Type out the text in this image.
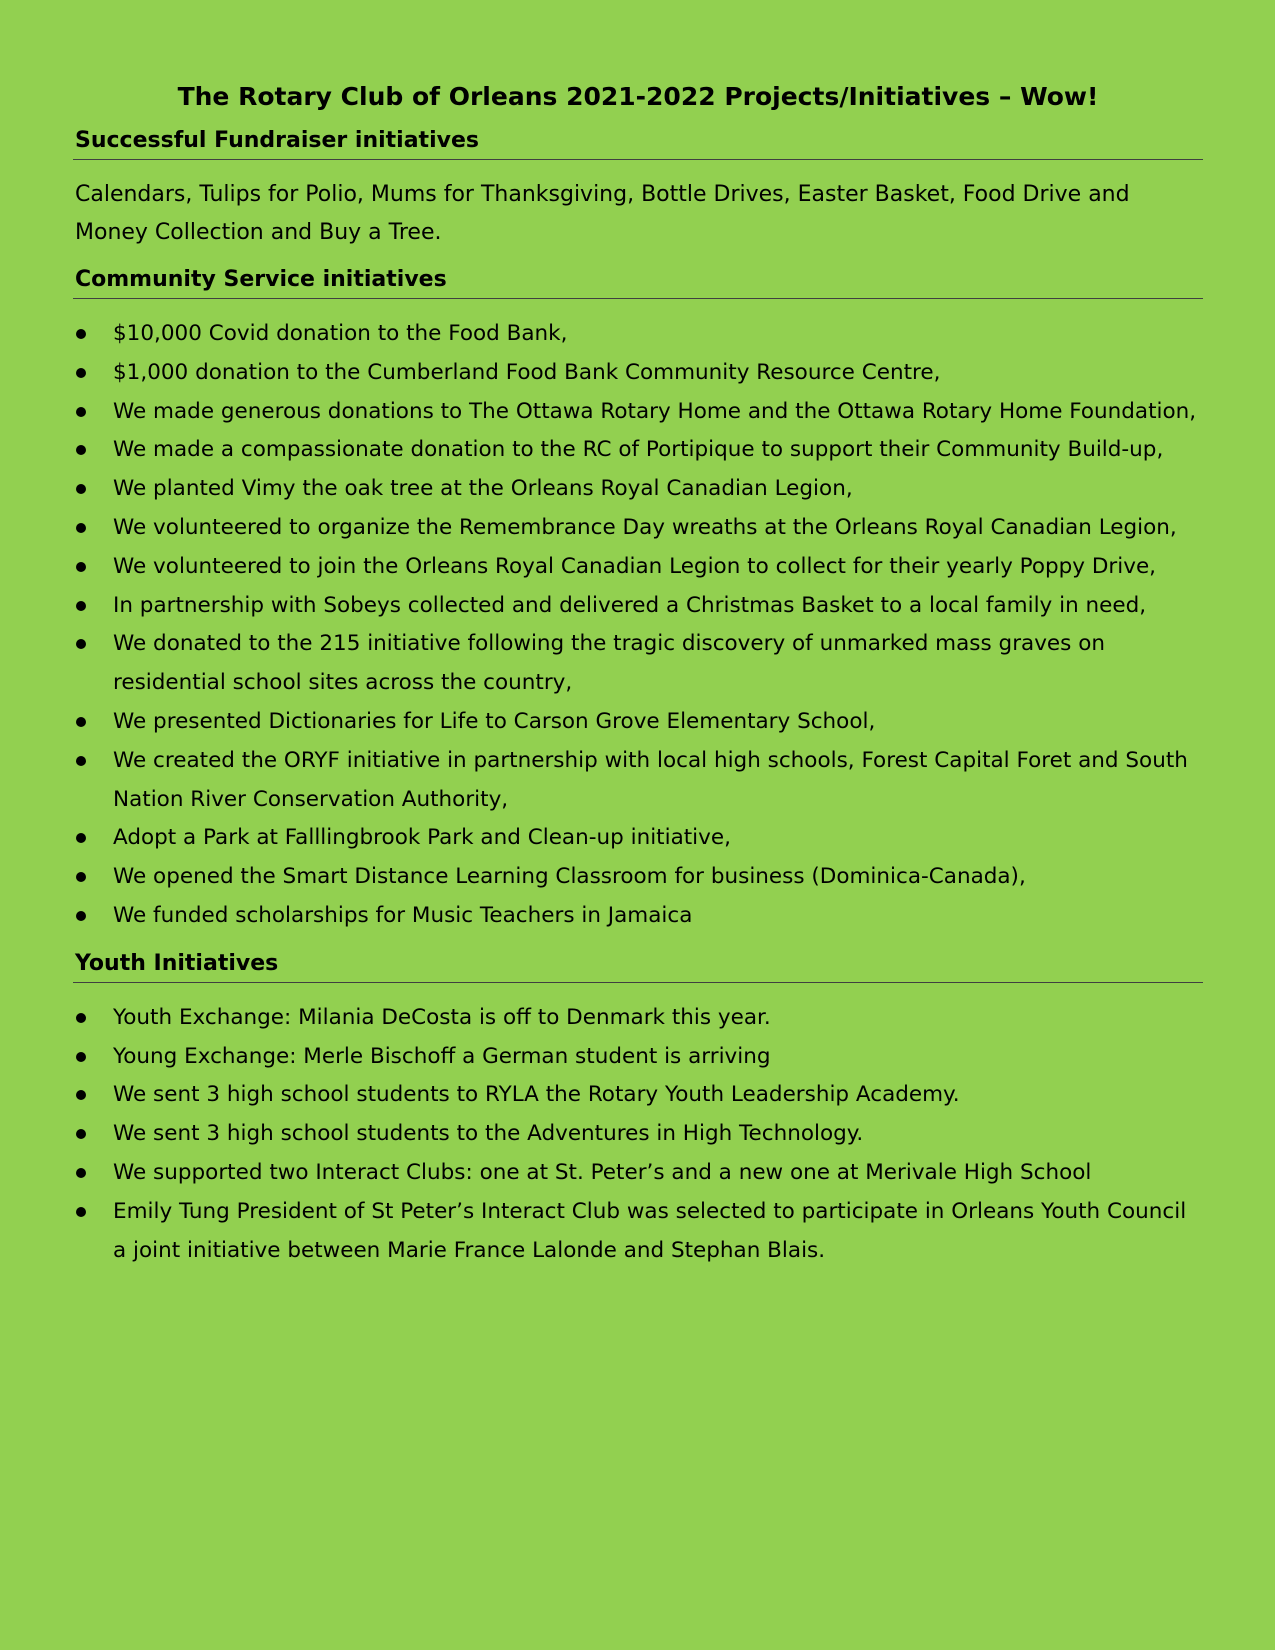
The Rotary Club of Orleans 2021-2022 Projects/Initiatives – Wow!
Successful Fundraiser initiatives

Calendars, Tulips for Polio, Mums for Thanksgiving, Bottle Drives, Easter Basket, Food Drive and Money Collection and Buy a Tree.

Community Service initiatives
$10,000 Covid donation to the Food Bank,
$1,000 donation to the Cumberland Food Bank Community Resource Centre,
We made generous donations to The Ottawa Rotary Home and the Ottawa Rotary Home Foundation,
We made a compassionate donation to the RC of Portipique to support their Community Build-up,
We planted Vimy the oak tree at the Orleans Royal Canadian Legion,
We volunteered to organize the Remembrance Day wreaths at the Orleans Royal Canadian Legion,
We volunteered to join the Orleans Royal Canadian Legion to collect for their yearly Poppy Drive,
In partnership with Sobeys collected and delivered a Christmas Basket to a local family in need,
We donated to the 215 initiative following the tragic discovery of unmarked mass graves on residential school sites across the country,
We presented Dictionaries for Life to Carson Grove Elementary School,
We created the ORYF initiative in partnership with local high schools, Forest Capital Foret and South Nation River Conservation Authority,
Adopt a Park at Falllingbrook Park and Clean-up initiative,
We opened the Smart Distance Learning Classroom for business (Dominica-Canada),
We funded scholarships for Music Teachers in Jamaica
Youth Initiatives
Youth Exchange: Milania DeCosta is off to Denmark this year.
Young Exchange: Merle Bischoff a German student is arriving
We sent 3 high school students to RYLA the Rotary Youth Leadership Academy.
We sent 3 high school students to the Adventures in High Technology.
We supported two Interact Clubs: one at St. Peter’s and a new one at Merivale High School
Emily Tung President of St Peter’s Interact Club was selected to participate in Orleans Youth Council a joint initiative between Marie France Lalonde and Stephan Blais.
